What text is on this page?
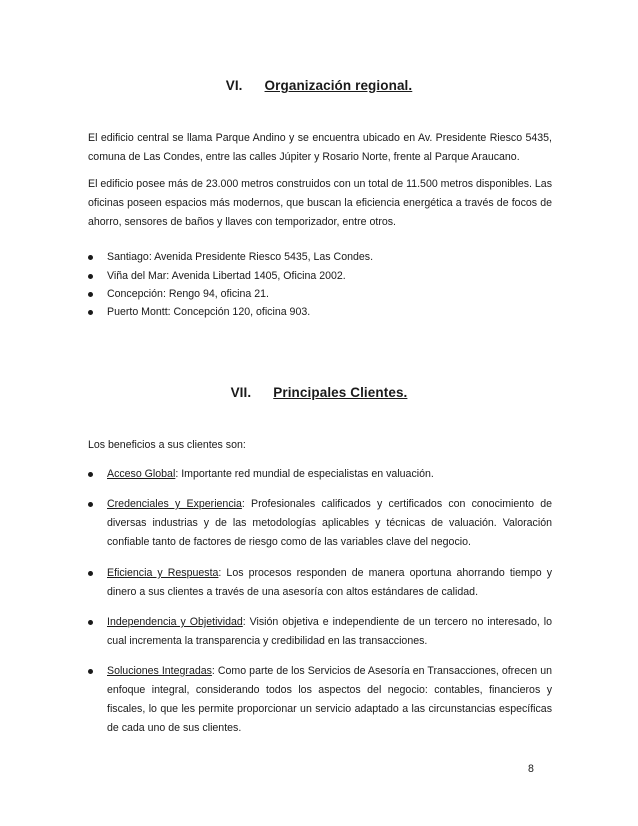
VI. Organización regional.
El edificio central se llama Parque Andino y se encuentra ubicado en Av. Presidente Riesco 5435,
comuna de Las Condes, entre las calles Júpiter y Rosario Norte, frente al Parque Araucano.
El edificio posee más de 23.000 metros construidos con un total de 11.500 metros disponibles. Las
oficinas poseen espacios más modernos, que buscan la eficiencia energética a través de focos de
ahorro, sensores de baños y llaves con temporizador, entre otros.
Santiago: Avenida Presidente Riesco 5435, Las Condes.
Viña del Mar: Avenida Libertad 1405, Oficina 2002.
Concepción: Rengo 94, oficina 21.
Puerto Montt: Concepción 120, oficina 903.
VII. Principales Clientes.
Los beneficios a sus clientes son:
Acceso Global: Importante red mundial de especialistas en valuación.
Credenciales y Experiencia: Profesionales calificados y certificados con conocimiento de
diversas industrias y de las metodologías aplicables y técnicas de valuación. Valoración
confiable tanto de factores de riesgo como de las variables clave del negocio.
Eficiencia y Respuesta: Los procesos responden de manera oportuna ahorrando tiempo y
dinero a sus clientes a través de una asesoría con altos estándares de calidad.
Independencia y Objetividad: Visión objetiva e independiente de un tercero no interesado, lo
cual incrementa la transparencia y credibilidad en las transacciones.
Soluciones Integradas: Como parte de los Servicios de Asesoría en Transacciones, ofrecen un
enfoque integral, considerando todos los aspectos del negocio: contables, financieros y
fiscales, lo que les permite proporcionar un servicio adaptado a las circunstancias específicas
de cada uno de sus clientes.
8
